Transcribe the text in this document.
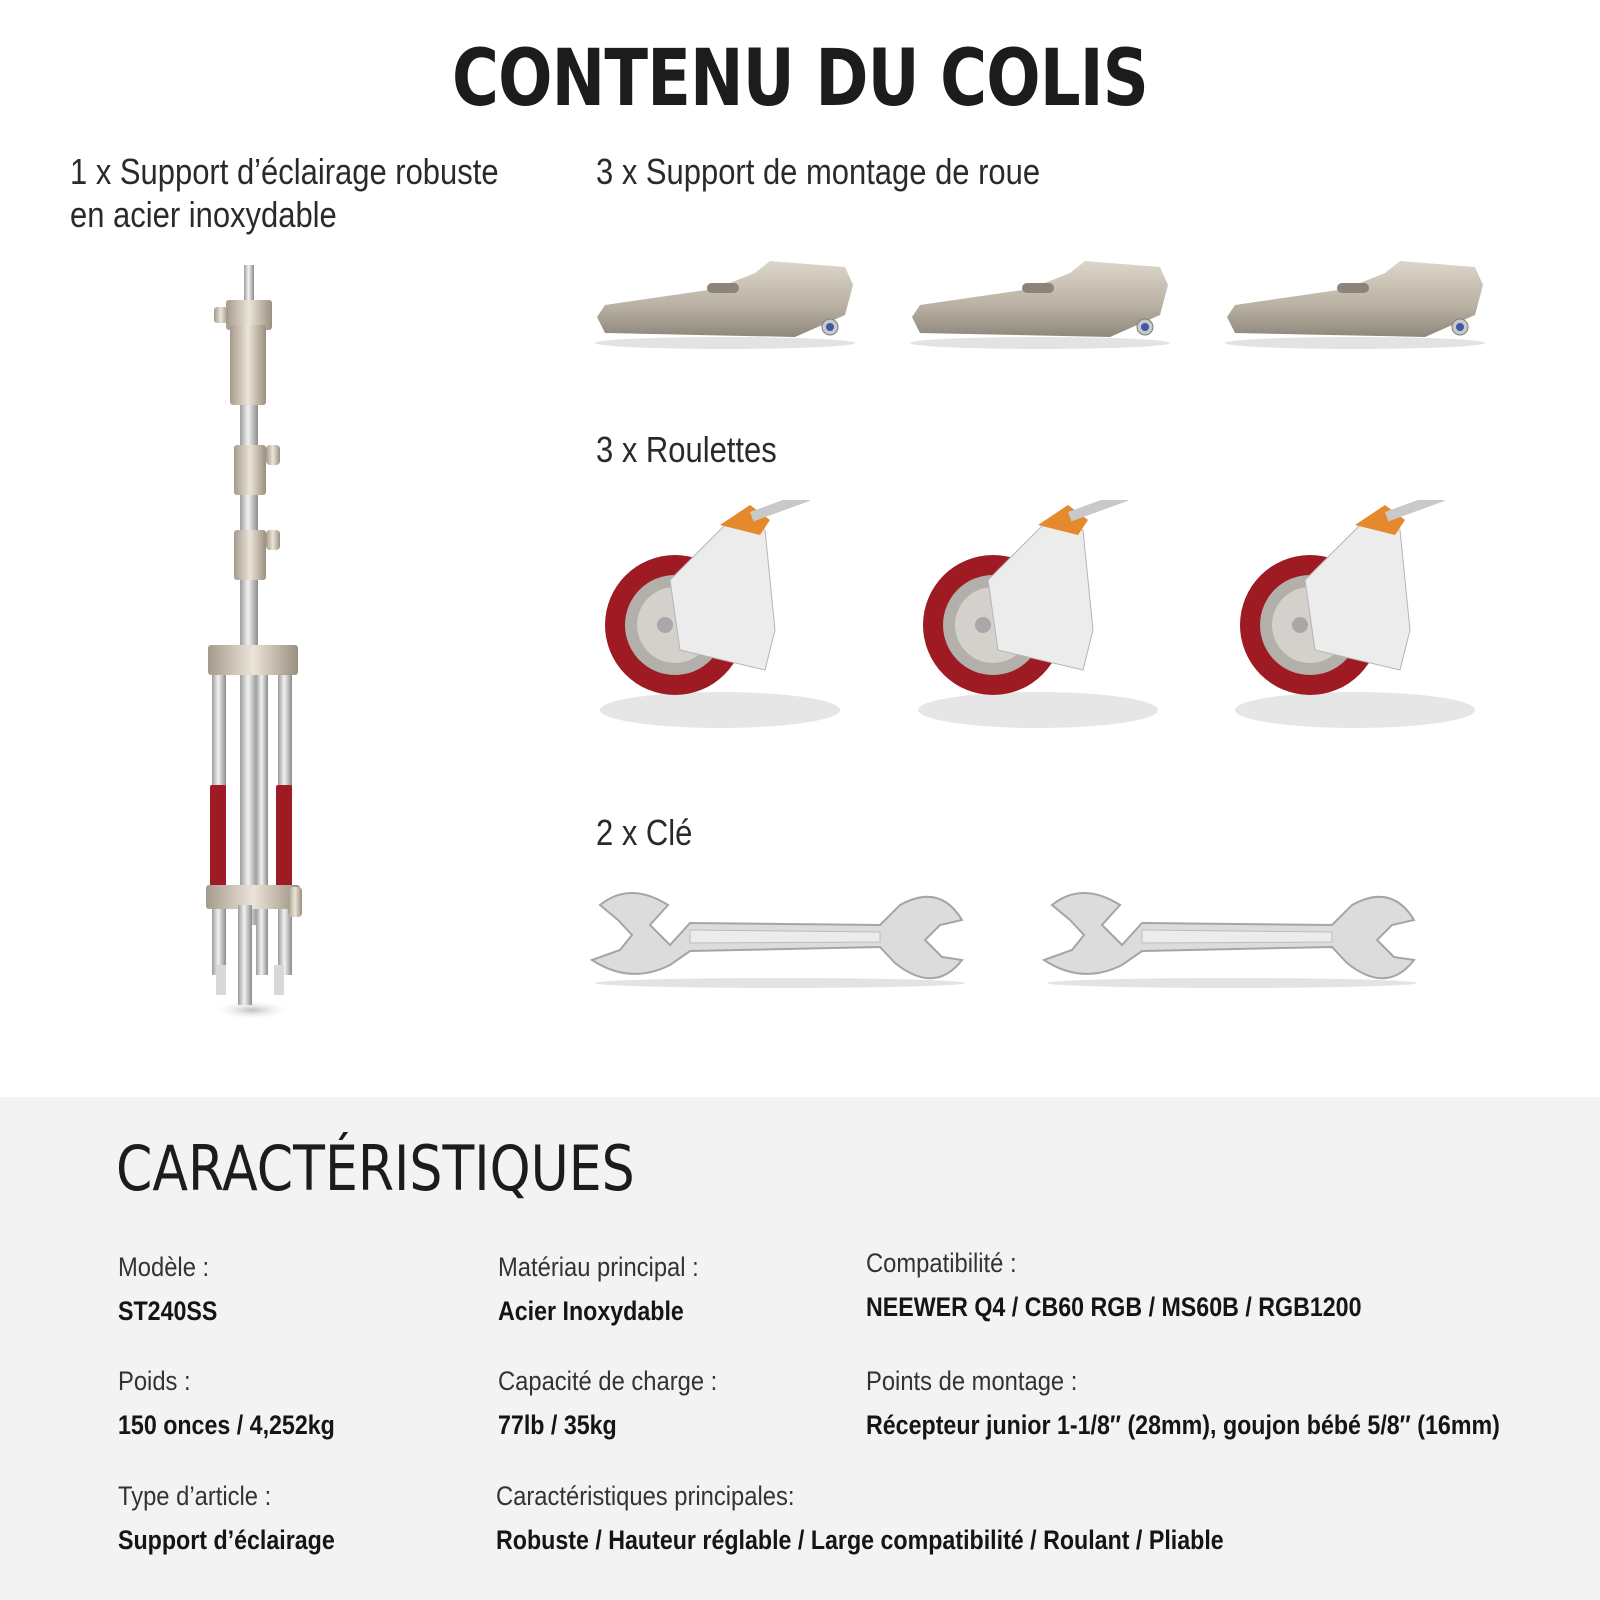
CONTENU DU COLIS
1 x Support d’éclairage robuste
en acier inoxydable
3 x Support de montage de roue
3 x Roulettes
2 x Clé
CARACTÉRISTIQUES
Modèle :
ST240SS
Poids :
150 onces / 4,252kg
Type d’article :
Support d’éclairage
Matériau principal :
Acier Inoxydable
Capacité de charge :
77lb / 35kg
Caractéristiques principales:
Robuste / Hauteur réglable / Large compatibilité / Roulant / Pliable
Compatibilité :
NEEWER Q4 / CB60 RGB / MS60B / RGB1200
Points de montage :
Récepteur junior 1-1/8″ (28mm), goujon bébé 5/8″ (16mm)
